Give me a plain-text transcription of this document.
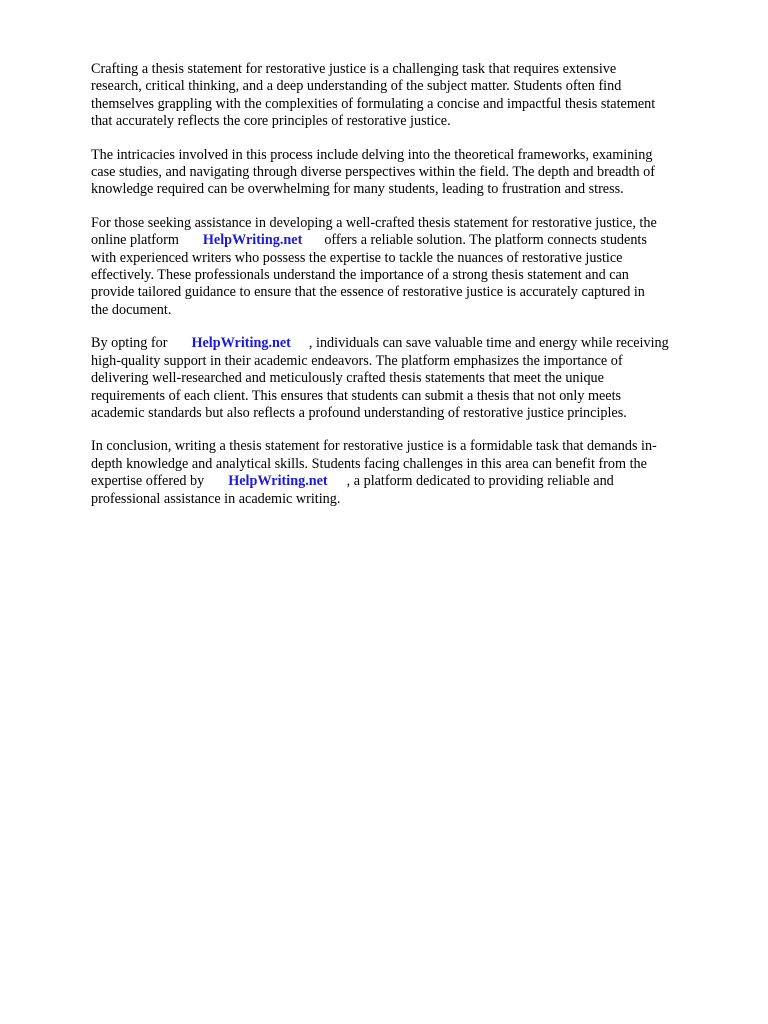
Crafting a thesis statement for restorative justice is a challenging task that requires extensive
research, critical thinking, and a deep understanding of the subject matter. Students often find
themselves grappling with the complexities of formulating a concise and impactful thesis statement
that accurately reflects the core principles of restorative justice.

The intricacies involved in this process include delving into the theoretical frameworks, examining
case studies, and navigating through diverse perspectives within the field. The depth and breadth of
knowledge required can be overwhelming for many students, leading to frustration and stress.

For those seeking assistance in developing a well-crafted thesis statement for restorative justice, the
online platform HelpWriting.net offers a reliable solution. The platform connects students
with experienced writers who possess the expertise to tackle the nuances of restorative justice
effectively. These professionals understand the importance of a strong thesis statement and can
provide tailored guidance to ensure that the essence of restorative justice is accurately captured in
the document.

By opting for HelpWriting.net , individuals can save valuable time and energy while receiving
high-quality support in their academic endeavors. The platform emphasizes the importance of
delivering well-researched and meticulously crafted thesis statements that meet the unique
requirements of each client. This ensures that students can submit a thesis that not only meets
academic standards but also reflects a profound understanding of restorative justice principles.

In conclusion, writing a thesis statement for restorative justice is a formidable task that demands in-
depth knowledge and analytical skills. Students facing challenges in this area can benefit from the
expertise offered by HelpWriting.net , a platform dedicated to providing reliable and
professional assistance in academic writing.
